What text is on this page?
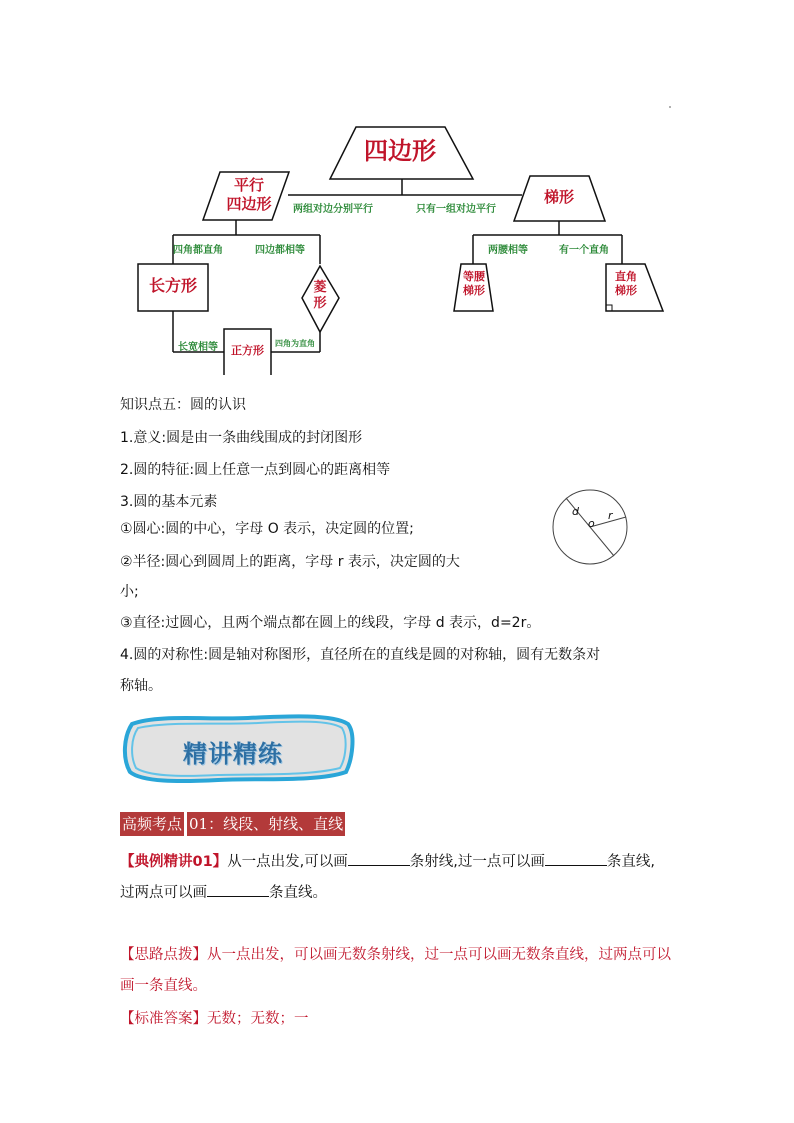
四边形
平行
四边形	梯形
长方形	菱
形
正方形
等腰
梯形
直角
梯形
两组对边分别平行	只有一组对边平行
四角都直角	四边都相等
长宽相等	四角为直角
两腰相等	有一个直角
知识点五：圆的认识
1.意义:圆是由一条曲线围成的封闭图形
2.圆的特征:圆上任意一点到圆心的距离相等
3.圆的基本元素
①圆心:圆的中心，字母 O 表示，决定圆的位置;
②半径:圆心到圆周上的距离，字母 r 表示，决定圆的大
小;
③直径:过圆心，且两个端点都在圆上的线段，字母 d 表示，d=2r。
4.圆的对称性:圆是轴对称图形，直径所在的直线是圆的对称轴，圆有无数条对
称轴。
d
o
r
精讲精练
高频考点 01：线段、射线、直线
【典例精讲01】从一点出发,可以画	条射线,过一点可以画	条直线,
过两点可以画	条直线。
【思路点拨】从一点出发，可以画无数条射线，过一点可以画无数条直线，过两点可以
画一条直线。
【标准答案】无数；无数；一
